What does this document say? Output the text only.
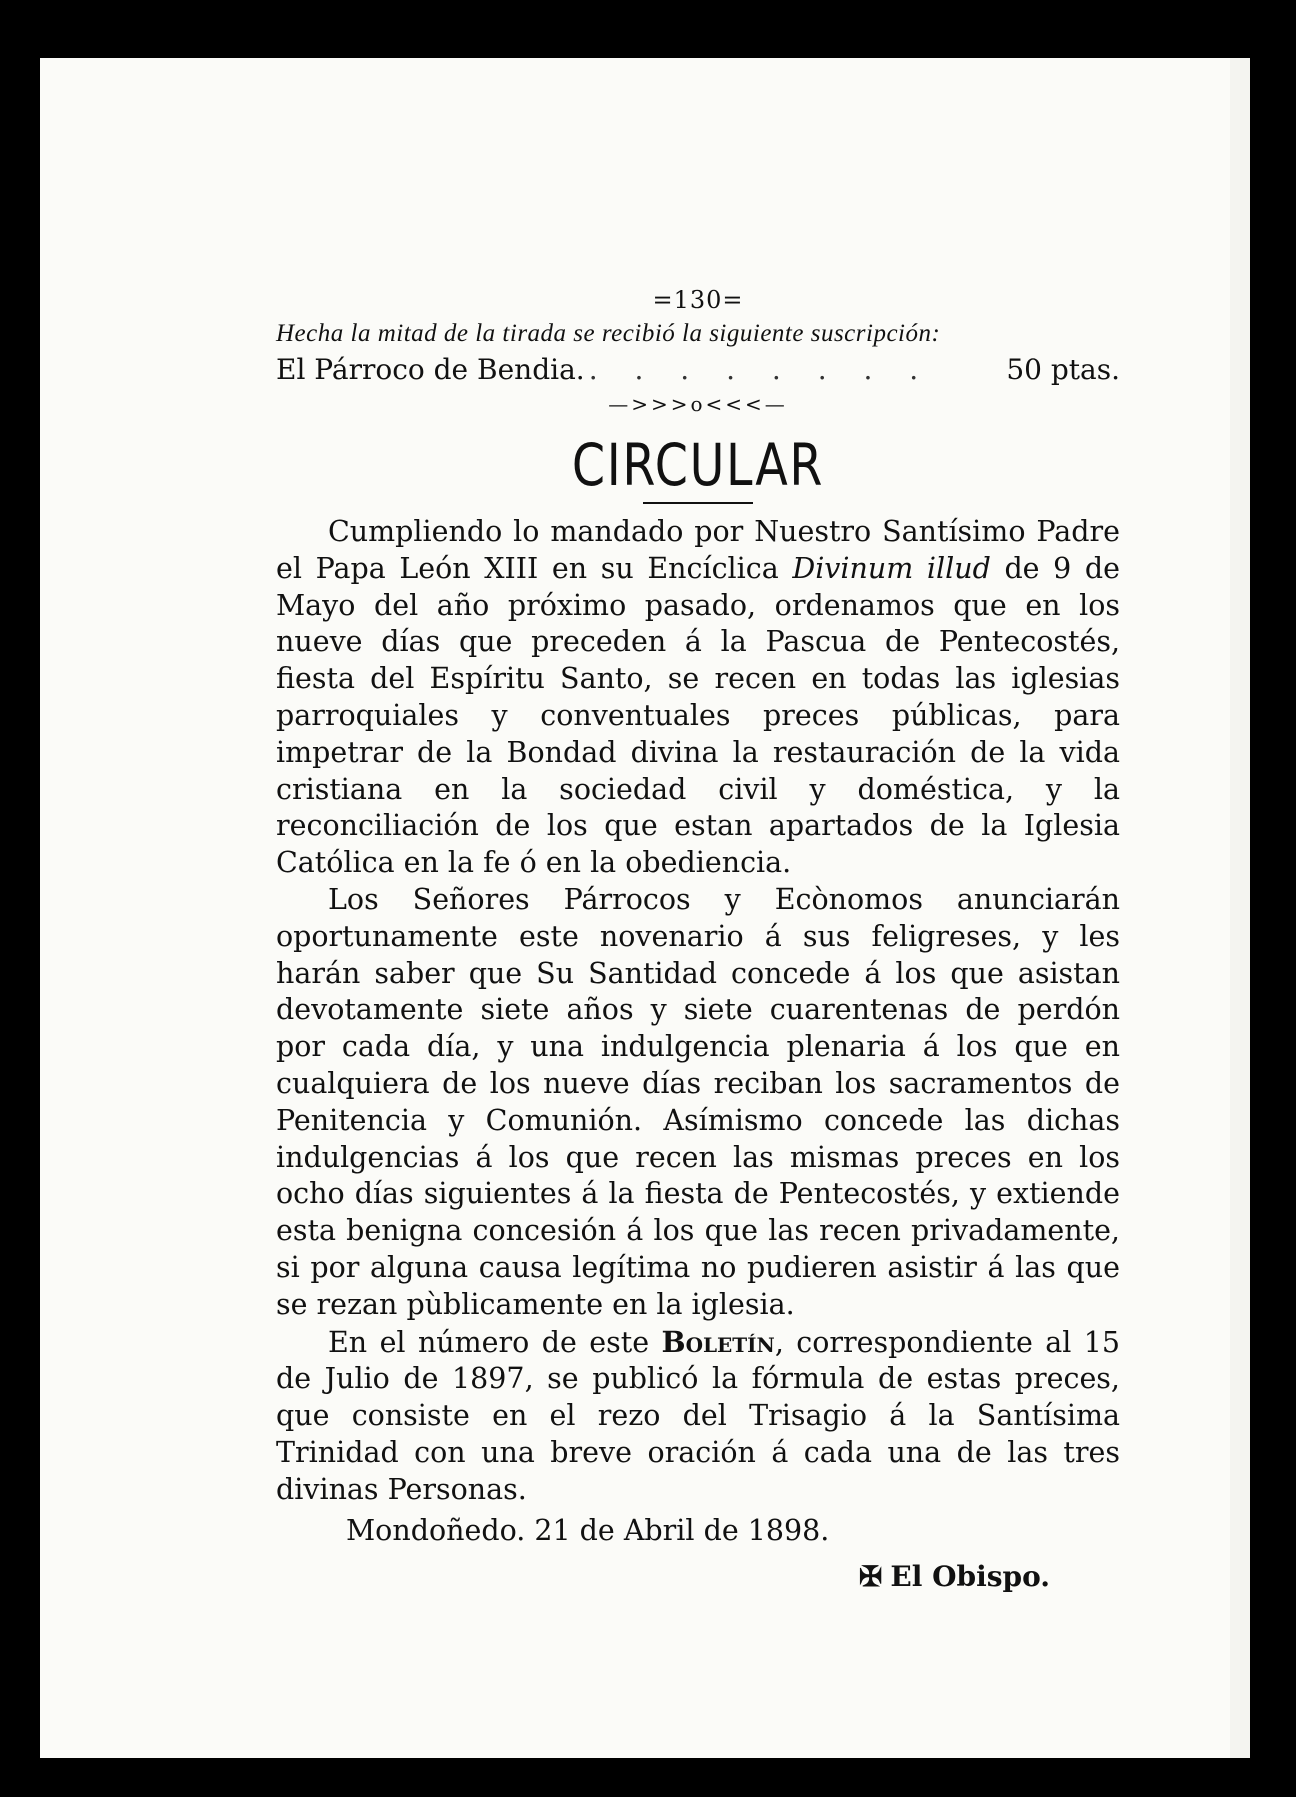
=130=
Hecha la mitad de la tirada se recibió la siguiente suscripción:
El Párroco de Bendia. . . . . . . . .	50 ptas.
—>>>o<<<—
CIRCULAR

Cumpliendo lo mandado por Nuestro Santísimo Padre el Papa León XIII en su Encíclica Divinum illud de 9 de Mayo del año próximo pasado, ordenamos que en los nueve días que preceden á la Pascua de Pentecostés, fiesta del Espíritu Santo, se recen en todas las iglesias parroquiales y conventuales preces públicas, para impetrar de la Bondad divina la restauración de la vida cristiana en la sociedad civil y doméstica, y la reconciliación de los que estan apartados de la Iglesia Católica en la fe ó en la obediencia.

Los Señores Párrocos y Ecònomos anunciarán oportunamente este novenario á sus feligreses, y les harán saber que Su Santidad concede á los que asistan devotamente siete años y siete cuarentenas de perdón por cada día, y una indulgencia plenaria á los que en cualquiera de los nueve días reciban los sacramentos de Penitencia y Comunión. Asímismo concede las dichas indulgencias á los que recen las mismas preces en los ocho días siguientes á la fiesta de Pentecostés, y extiende esta benigna concesión á los que las recen privadamente, si por alguna causa legítima no pudieren asistir á las que se rezan pùblicamente en la iglesia.

En el número de este Boletín, correspondiente al 15 de Julio de 1897, se publicó la fórmula de estas preces, que consiste en el rezo del Trisagio á la Santísima Trinidad con una breve oración á cada una de las tres divinas Personas.

Mondoñedo. 21 de Abril de 1898.
✠ El Obispo.
